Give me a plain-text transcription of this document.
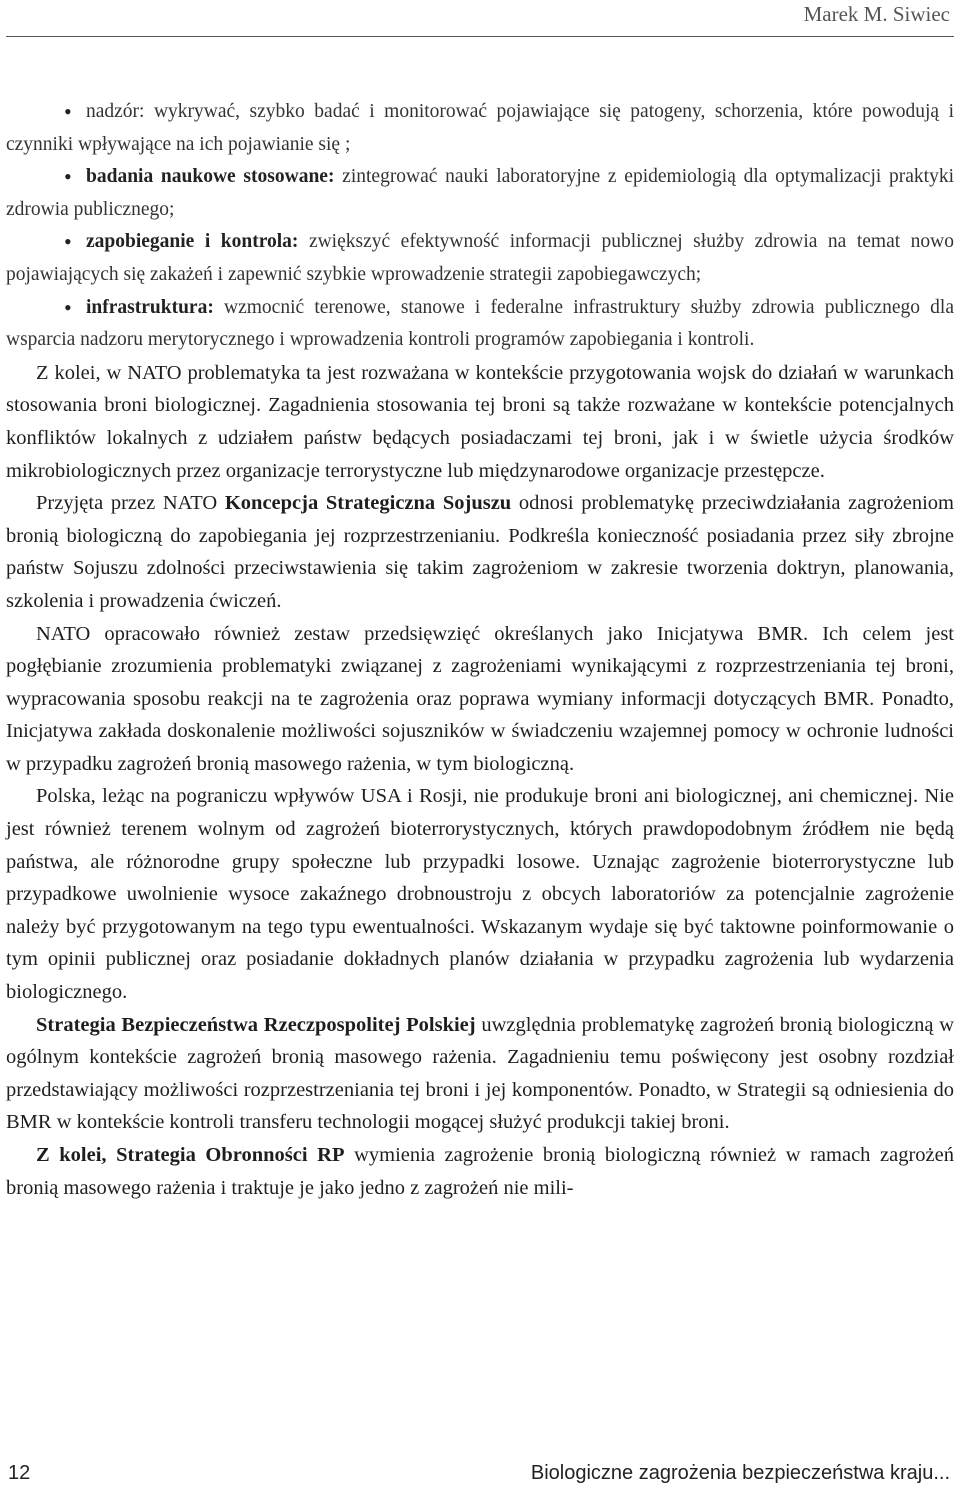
Marek M. Siwiec
• nadzór: wykrywać, szybko badać i monitorować pojawiające się patogeny, schorzenia, które powodują i czynniki wpływające na ich pojawianie się ;
• badania naukowe stosowane: zintegrować nauki laboratoryjne z epidemiologią dla optymalizacji praktyki zdrowia publicznego;
• zapobieganie i kontrola: zwiększyć efektywność informacji publicznej służby zdrowia na temat nowo pojawiających się zakażeń i zapewnić szybkie wprowadzenie strategii zapobiegawczych;
• infrastruktura: wzmocnić terenowe, stanowe i federalne infrastruktury służby zdrowia publicznego dla wsparcia nadzoru merytorycznego i wprowadzenia kontroli programów zapobiegania i kontroli.

Z kolei, w NATO problematyka ta jest rozważana w kontekście przygotowania wojsk do działań w warunkach stosowania broni biologicznej. Zagadnienia stosowania tej broni są także rozważane w kontekście potencjalnych konfliktów lokalnych z udziałem państw będących posiadaczami tej broni, jak i w świetle użycia środków mikrobiologicznych przez organizacje terrorystyczne lub międzynarodowe organizacje przestępcze.

Przyjęta przez NATO Koncepcja Strategiczna Sojuszu odnosi problematykę przeciwdziałania zagrożeniom bronią biologiczną do zapobiegania jej rozprzestrzenianiu. Podkreśla konieczność posiadania przez siły zbrojne państw Sojuszu zdolności przeciwstawienia się takim zagrożeniom w zakresie tworzenia doktryn, planowania, szkolenia i prowadzenia ćwiczeń.

NATO opracowało również zestaw przedsięwzięć określanych jako Inicjatywa BMR. Ich celem jest pogłębianie zrozumienia problematyki związanej z zagrożeniami wynikającymi z rozprzestrzeniania tej broni, wypracowania sposobu reakcji na te zagrożenia oraz poprawa wymiany informacji dotyczących BMR. Ponadto, Inicjatywa zakłada doskonalenie możliwości sojuszników w świadczeniu wzajemnej pomocy w ochronie ludności w przypadku zagrożeń bronią masowego rażenia, w tym biologiczną.

Polska, leżąc na pograniczu wpływów USA i Rosji, nie produkuje broni ani biologicznej, ani chemicznej. Nie jest również terenem wolnym od zagrożeń bioterrorystycznych, których prawdopodobnym źródłem nie będą państwa, ale różnorodne grupy społeczne lub przypadki losowe. Uznając zagrożenie bioterrorystyczne lub przypadkowe uwolnienie wysoce zakaźnego drobnoustroju z obcych laboratoriów za potencjalnie zagrożenie należy być przygotowanym na tego typu ewentualności. Wskazanym wydaje się być taktowne poinformowanie o tym opinii publicznej oraz posiadanie dokładnych planów działania w przypadku zagrożenia lub wydarzenia biologicznego.

Strategia Bezpieczeństwa Rzeczpospolitej Polskiej uwzględnia problematykę zagrożeń bronią biologiczną w ogólnym kontekście zagrożeń bronią masowego rażenia. Zagadnieniu temu poświęcony jest osobny rozdział przedstawiający możliwości rozprzestrzeniania tej broni i jej komponentów. Ponadto, w Strategii są odniesienia do BMR w kontekście kontroli transferu technologii mogącej służyć produkcji takiej broni.

Z kolei, Strategia Obronności RP wymienia zagrożenie bronią biologiczną również w ramach zagrożeń bronią masowego rażenia i traktuje je jako jedno z zagrożeń nie mili-

12	Biologiczne zagrożenia bezpieczeństwa kraju...
